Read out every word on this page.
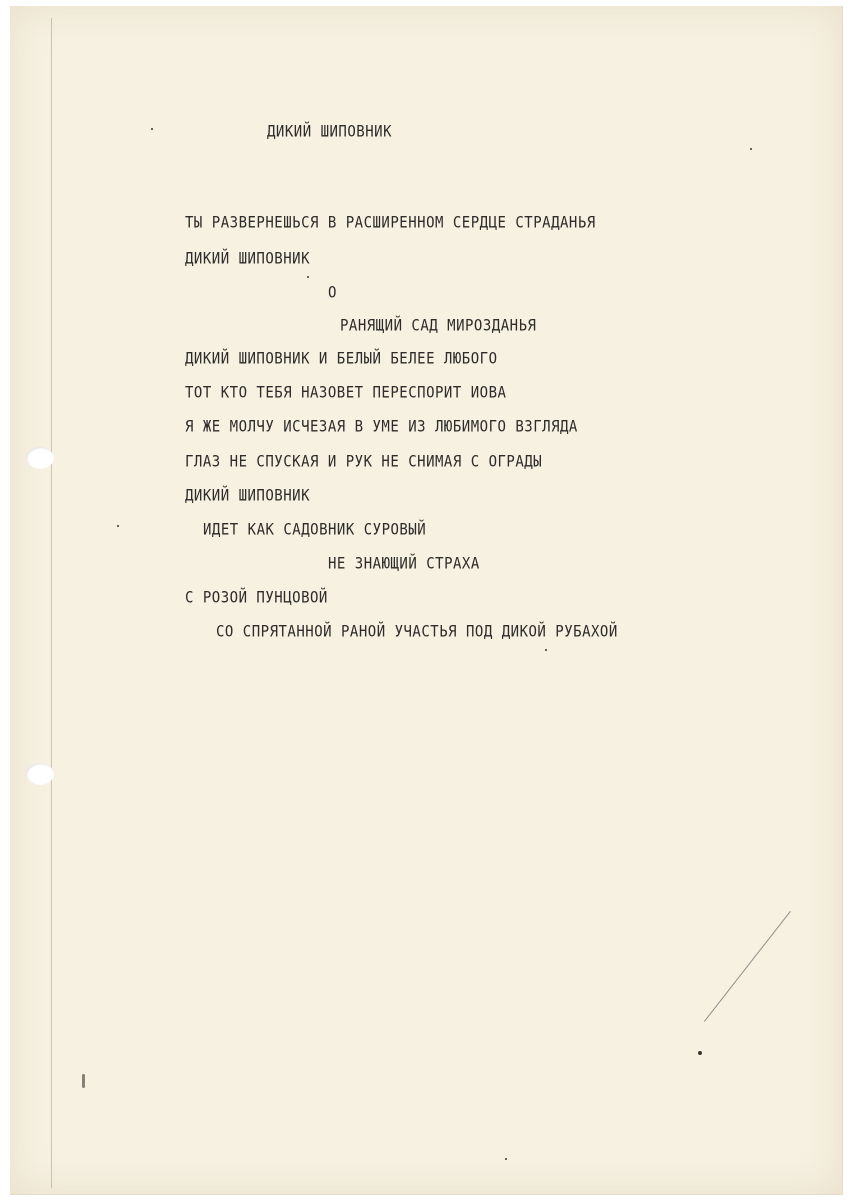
ДИКИЙ ШИПОВНИК
ТЫ РАЗВЕРНЕШЬСЯ В РАСШИРЕННОМ СЕРДЦЕ СТРАДАНЬЯ
ДИКИЙ ШИПОВНИК
О
РАНЯЩИЙ САД МИРОЗДАНЬЯ
ДИКИЙ ШИПОВНИК И БЕЛЫЙ БЕЛЕЕ ЛЮБОГО
ТОТ КТО ТЕБЯ НАЗОВЕТ ПЕРЕСПОРИТ ИОВА
Я ЖЕ МОЛЧУ ИСЧЕЗАЯ В УМЕ ИЗ ЛЮБИМОГО ВЗГЛЯДА
ГЛАЗ НЕ СПУСКАЯ И РУК НЕ СНИМАЯ С ОГРАДЫ
ДИКИЙ ШИПОВНИК
ИДЕТ КАК САДОВНИК СУРОВЫЙ
НЕ ЗНАЮЩИЙ СТРАХА
С РОЗОЙ ПУНЦОВОЙ
СО СПРЯТАННОЙ РАНОЙ УЧАСТЬЯ ПОД ДИКОЙ РУБАХОЙ
